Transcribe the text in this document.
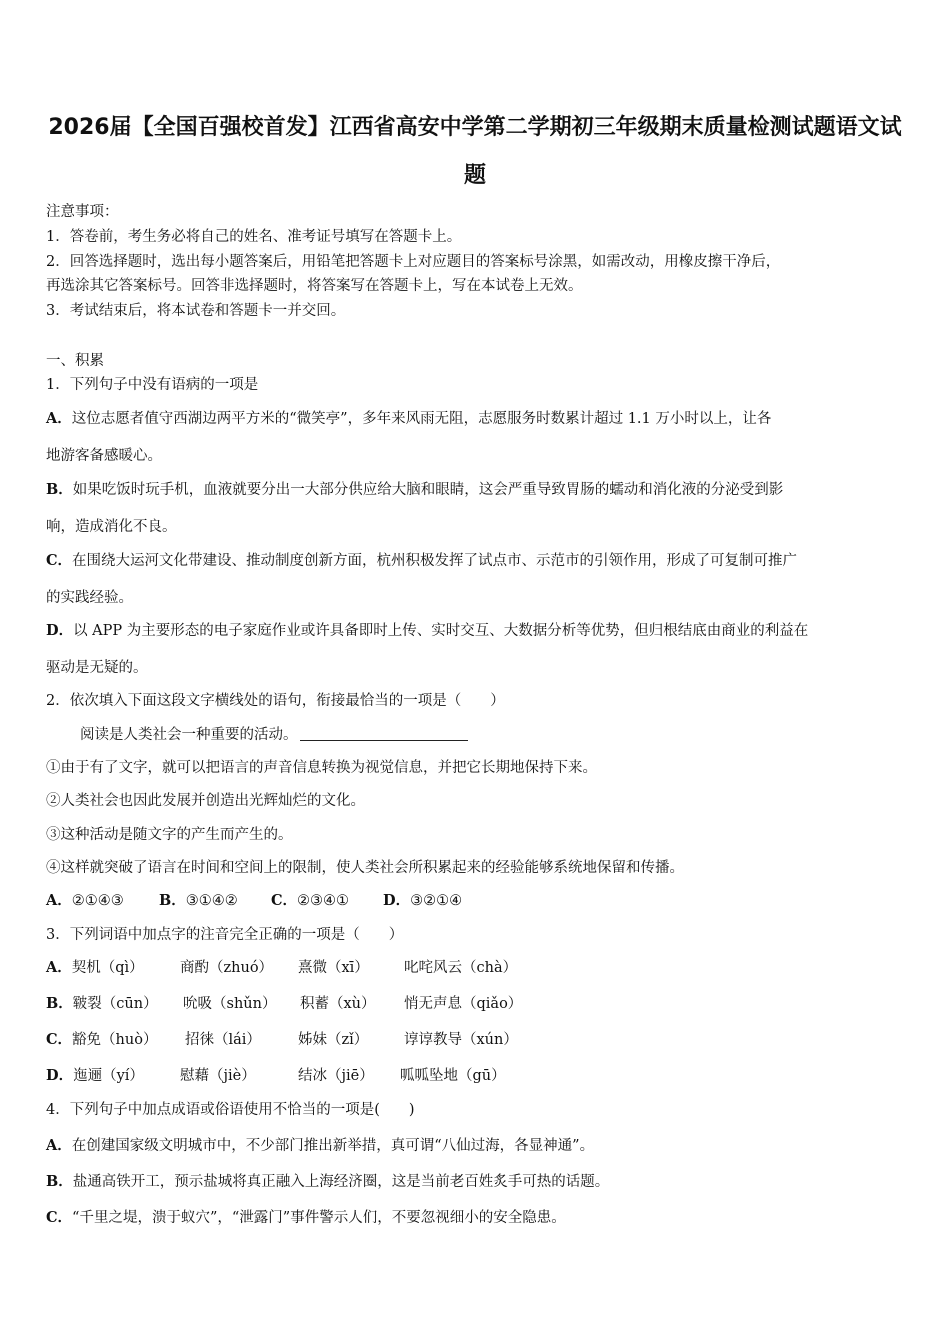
2026届【全国百强校首发】江西省高安中学第二学期初三年级期末质量检测试题语文试
题
注意事项：
1．答卷前，考生务必将自己的姓名、准考证号填写在答题卡上。
2．回答选择题时，选出每小题答案后，用铅笔把答题卡上对应题目的答案标号涂黑，如需改动，用橡皮擦干净后，
再选涂其它答案标号。回答非选择题时，将答案写在答题卡上，写在本试卷上无效。
3．考试结束后，将本试卷和答题卡一并交回。
一、积累
1．下列句子中没有语病的一项是
A．这位志愿者值守西湖边两平方米的“微笑亭”，多年来风雨无阻，志愿服务时数累计超过 1.1 万小时以上，让各
地游客备感暖心。
B．如果吃饭时玩手机，血液就要分出一大部分供应给大脑和眼睛，这会严重导致胃肠的蠕动和消化液的分泌受到影
响，造成消化不良。
C．在围绕大运河文化带建设、推动制度创新方面，杭州积极发挥了试点市、示范市的引领作用，形成了可复制可推广
的实践经验。
D．以 APP 为主要形态的电子家庭作业或许具备即时上传、实时交互、大数据分析等优势，但归根结底由商业的利益在
驱动是无疑的。
2．依次填入下面这段文字横线处的语句，衔接最恰当的一项是（　　）
阅读是人类社会一种重要的活动。
①由于有了文字，就可以把语言的声音信息转换为视觉信息，并把它长期地保持下来。
②人类社会也因此发展并创造出光辉灿烂的文化。
③这种活动是随文字的产生而产生的。
④这样就突破了语言在时间和空间上的限制，使人类社会所积累起来的经验能够系统地保留和传播。
A．②①④③ B．③①④② C．②③④① D．③②①④
3．下列词语中加点字的注音完全正确的一项是（　　）
A．契机（qì）	商酌（zhuó） 熹微（xī） 叱咤风云（chà）
B．皲裂（cūn） 吮吸（shǔn） 积蓄（xù） 悄无声息（qiǎo）
C．豁免（huò） 招徕（lái）	姊妹（zǐ） 谆谆教导（xún）
D．迤逦（yí） 慰藉（jiè）	结冰（jiē） 呱呱坠地（gū）
4．下列句子中加点成语或俗语使用不恰当的一项是(　　)
A．在创建国家级文明城市中，不少部门推出新举措，真可谓“八仙过海，各显神通”。
B．盐通高铁开工，预示盐城将真正融入上海经济圈，这是当前老百姓炙手可热的话题。
C．“千里之堤，溃于蚁穴”，“泄露门”事件警示人们，不要忽视细小的安全隐患。
